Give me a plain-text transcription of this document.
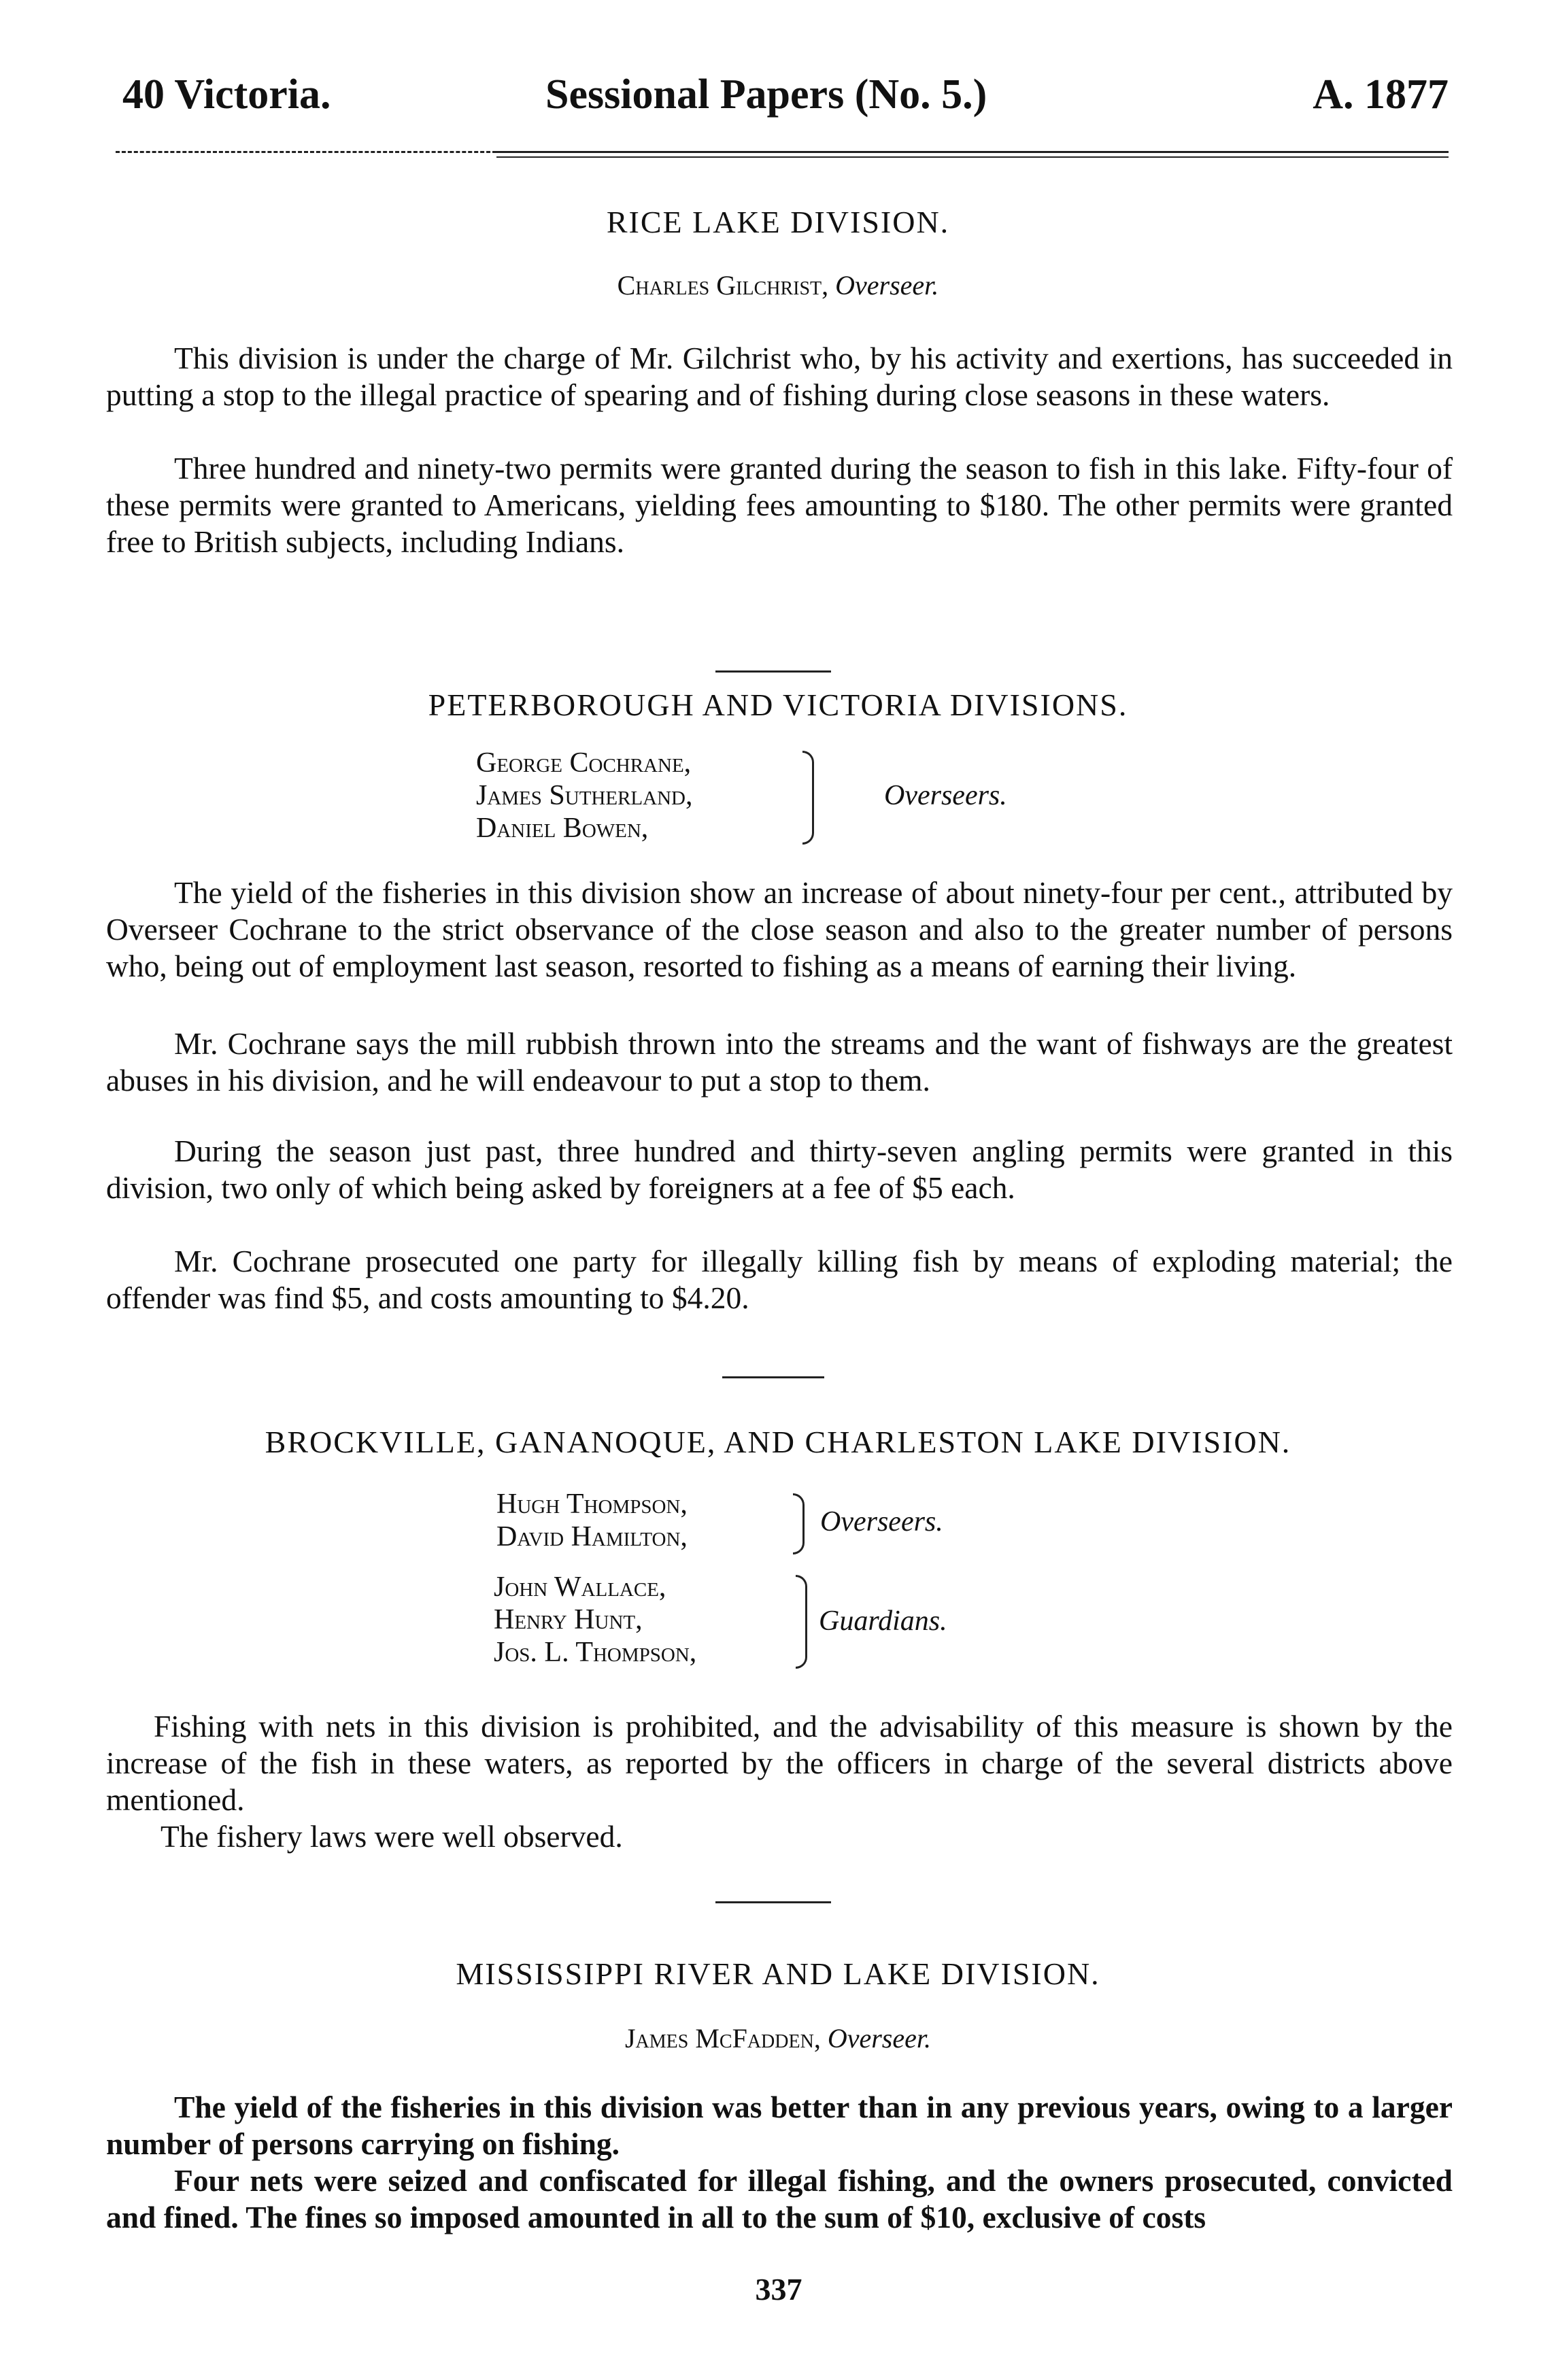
40 Victoria.	Sessional Papers (No. 5.)	A. 1877
RICE LAKE DIVISION.
Charles Gilchrist, Overseer.

This division is under the charge of Mr. Gilchrist who, by his activity and exertions, has succeeded in putting a stop to the illegal practice of spearing and of fishing during close seasons in these waters.

Three hundred and ninety-two permits were granted during the season to fish in this lake. Fifty-four of these permits were granted to Americans, yielding fees amounting to $180. The other permits were granted free to British subjects, including Indians.

PETERBOROUGH AND VICTORIA DIVISIONS.
George Cochrane,
James Sutherland,
Daniel Bowen,
Overseers.

The yield of the fisheries in this division show an increase of about ninety-four per cent., attributed by Overseer Cochrane to the strict observance of the close season and also to the greater number of persons who, being out of employment last season, resorted to fishing as a means of earning their living.

Mr. Cochrane says the mill rubbish thrown into the streams and the want of fishways are the greatest abuses in his division, and he will endeavour to put a stop to them.

During the season just past, three hundred and thirty-seven angling permits were granted in this division, two only of which being asked by foreigners at a fee of $5 each.

Mr. Cochrane prosecuted one party for illegally killing fish by means of exploding material; the offender was find $5, and costs amounting to $4.20.

BROCKVILLE, GANANOQUE, AND CHARLESTON LAKE DIVISION.
Hugh Thompson,
David Hamilton,	Overseers.
John Wallace,
Henry Hunt,
Jos. L. Thompson,
Guardians.

Fishing with nets in this division is prohibited, and the advisability of this measure is shown by the increase of the fish in these waters, as reported by the officers in charge of the several districts above mentioned.

The fishery laws were well observed.

MISSISSIPPI RIVER AND LAKE DIVISION.
James McFadden, Overseer.

The yield of the fisheries in this division was better than in any previous years, owing to a larger number of persons carrying on fishing.

Four nets were seized and confiscated for illegal fishing, and the owners prosecuted, convicted and fined. The fines so imposed amounted in all to the sum of $10, exclusive of costs

337
